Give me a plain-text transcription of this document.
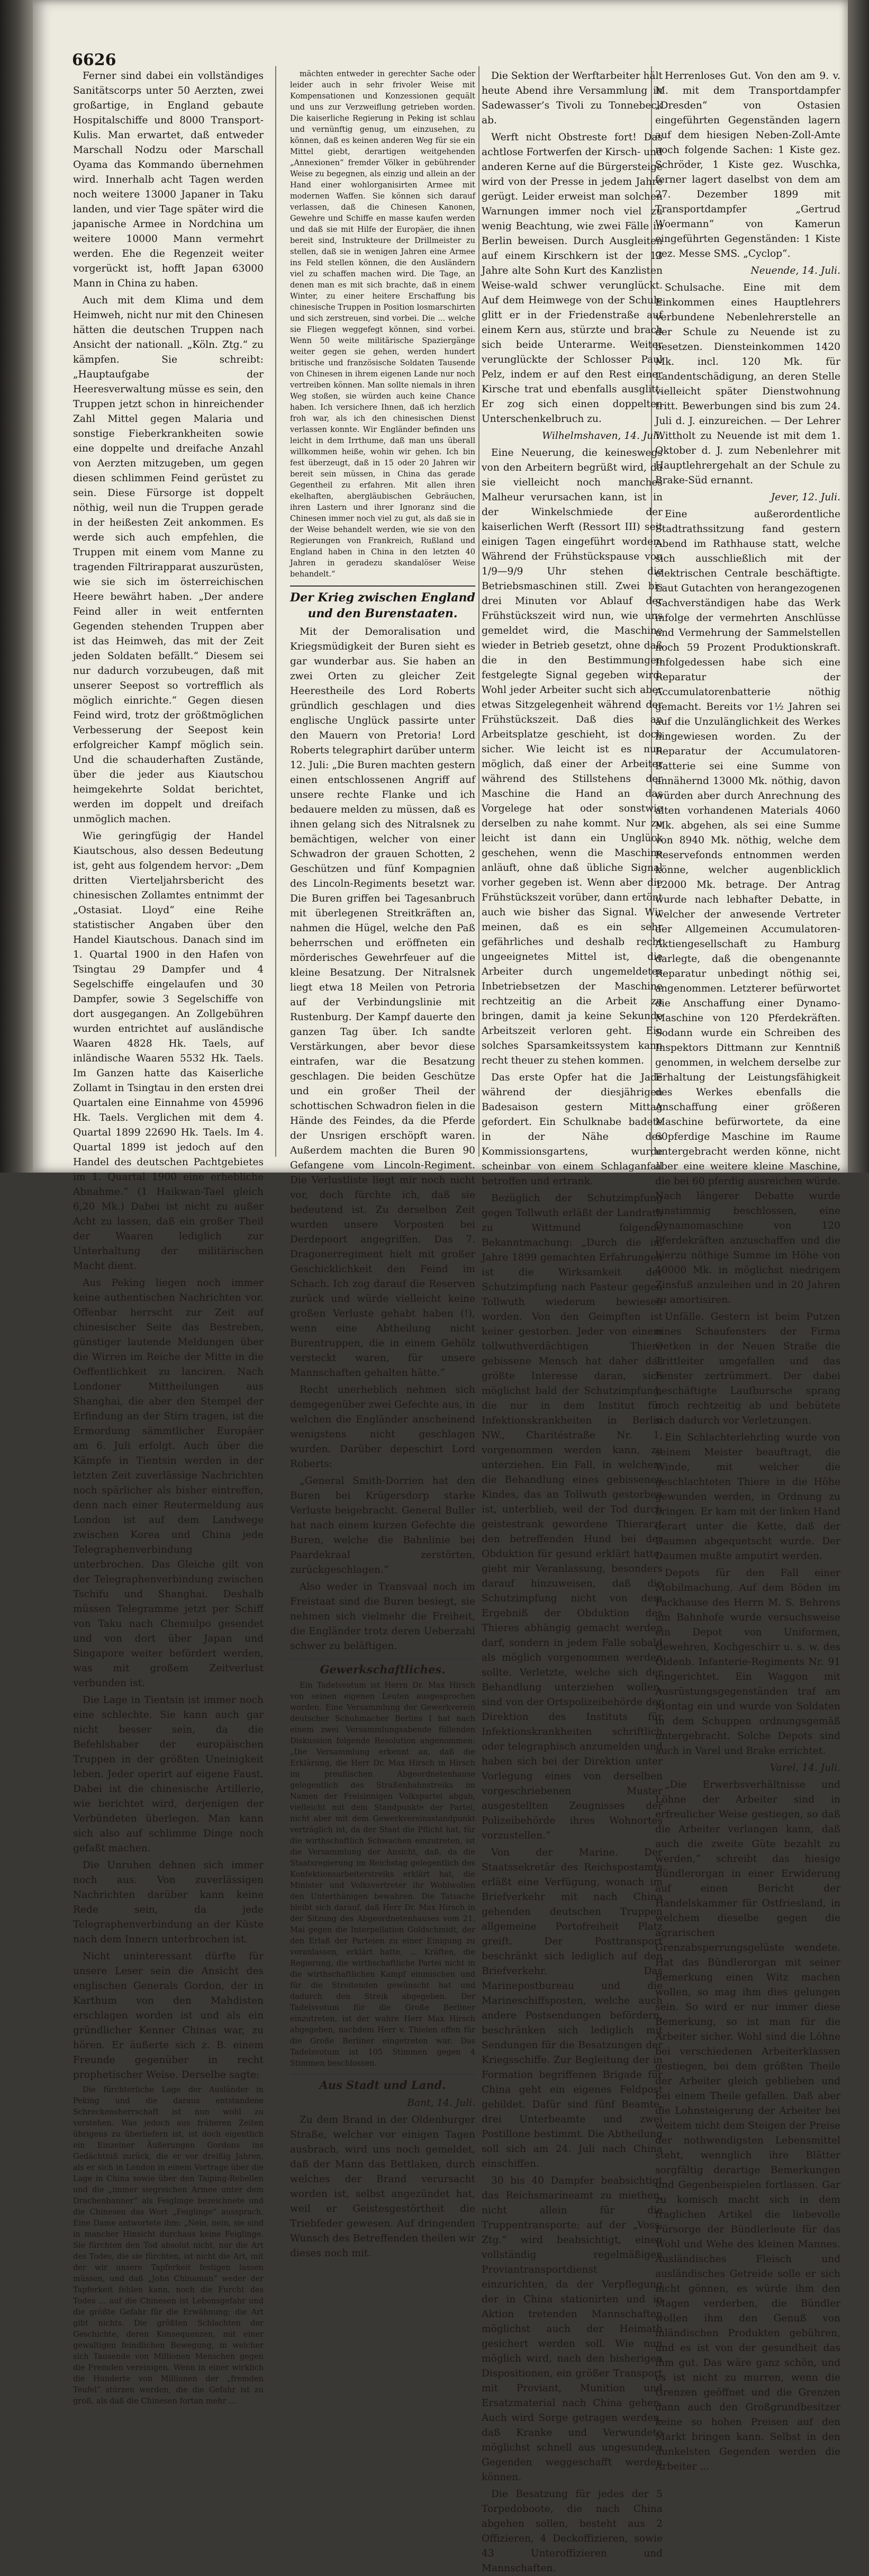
6626

Ferner sind dabei ein vollständiges Sanitätscorps unter 50 Aerzten, zwei großartige, in England gebaute Hospitalschiffe und 8000 Transport-Kulis. Man erwartet, daß entweder Marschall Nodzu oder Marschall Oyama das Kommando übernehmen wird. Innerhalb acht Tagen werden noch weitere 13000 Japaner in Taku landen, und vier Tage später wird die japanische Armee in Nordchina um weitere 10000 Mann vermehrt werden. Ehe die Regenzeit weiter vorgerückt ist, hofft Japan 63000 Mann in China zu haben.

Auch mit dem Klima und dem Heimweh, nicht nur mit den Chinesen hätten die deutschen Truppen nach Ansicht der nationall. „Köln. Ztg.“ zu kämpfen. Sie schreibt: „Hauptaufgabe der Heeresverwaltung müsse es sein, den Truppen jetzt schon in hinreichender Zahl Mittel gegen Malaria und sonstige Fieberkrankheiten sowie eine doppelte und dreifache Anzahl von Aerzten mitzugeben, um gegen diesen schlimmen Feind gerüstet zu sein. Diese Fürsorge ist doppelt nöthig, weil nun die Truppen gerade in der heißesten Zeit ankommen. Es werde sich auch empfehlen, die Truppen mit einem vom Manne zu tragenden Filtrirapparat auszurüsten, wie sie sich im österreichischen Heere bewährt haben. „Der andere Feind aller in weit entfernten Gegenden stehenden Truppen aber ist das Heimweh, das mit der Zeit jeden Soldaten befällt.“ Diesem sei nur dadurch vorzubeugen, daß mit unserer Seepost so vortrefflich als möglich einrichte.“ Gegen diesen Feind wird, trotz der größtmöglichen Verbesserung der Seepost kein erfolgreicher Kampf möglich sein. Und die schauderhaften Zustände, über die jeder aus Kiautschou heimgekehrte Soldat berichtet, werden im doppelt und dreifach unmöglich machen.

Wie geringfügig der Handel Kiautschous, also dessen Bedeutung ist, geht aus folgendem hervor: „Dem dritten Vierteljahrsbericht des chinesischen Zollamtes entnimmt der „Ostasiat. Lloyd“ eine Reihe statistischer Angaben über den Handel Kiautschous. Danach sind im 1. Quartal 1900 in den Hafen von Tsingtau 29 Dampfer und 4 Segelschiffe eingelaufen und 30 Dampfer, sowie 3 Segelschiffe von dort ausgegangen. An Zollgebühren wurden entrichtet auf ausländische Waaren 4828 Hk. Taels, auf inländische Waaren 5532 Hk. Taels. Im Ganzen hatte das Kaiserliche Zollamt in Tsingtau in den ersten drei Quartalen eine Einnahme von 45996 Hk. Taels. Verglichen mit dem 4. Quartal 1899 22690 Hk. Taels. Im 4. Quartal 1899 ist jedoch auf den Handel des deutschen Pachtgebietes im 1. Quartal 1900 eine erhebliche Abnahme.“ (1 Haikwan-Tael gleich 6,20 Mk.) Dabei ist nicht zu außer Acht zu lassen, daß ein großer Theil der Waaren lediglich zur Unterhaltung der militärischen Macht dient.

Aus Peking liegen noch immer keine authentischen Nachrichten vor. Offenbar herrscht zur Zeit auf chinesischer Seite das Bestreben, günstiger lautende Meldungen über die Wirren im Reiche der Mitte in die Oeffentlichkeit zu lanciren. Nach Londoner Mittheilungen aus Shanghai, die aber den Stempel der Erfindung an der Stirn tragen, ist die Ermordung sämmtlicher Europäer am 6. Juli erfolgt. Auch über die Kämpfe in Tientsin werden in der letzten Zeit zuverlässige Nachrichten noch spärlicher als bisher eintreffen, denn nach einer Reutermeldung aus London ist auf dem Landwege zwischen Korea und China jede Telegraphenverbindung unterbrochen. Das Gleiche gilt von der Telegraphenverbindung zwischen Tschifu und Shanghai. Deshalb müssen Telegramme jetzt per Schiff von Taku nach Chemulpo gesendet und von dort über Japan und Singapore weiter befördert werden, was mit großem Zeitverlust verbunden ist.

Die Lage in Tientsin ist immer noch eine schlechte. Sie kann auch gar nicht besser sein, da die Befehlshaber der europäischen Truppen in der größten Uneinigkeit leben. Jeder operirt auf eigene Faust. Dabei ist die chinesische Artillerie, wie berichtet wird, derjenigen der Verbündeten überlegen. Man kann sich also auf schlimme Dinge noch gefaßt machen.

Die Unruhen dehnen sich immer noch aus. Von zuverlässigen Nachrichten darüber kann keine Rede sein, da jede Telegraphenverbindung an der Küste nach dem Innern unterbrochen ist.

Nicht uninteressant dürfte für unsere Leser sein die Ansicht des englischen Generals Gordon, der in Karthum von den Mahdisten erschlagen worden ist und als ein gründlicher Kenner Chinas war, zu hören. Er äußerte sich z. B. einem Freunde gegenüber in recht prophetischer Weise. Derselbe sagte:

Die fürchterliche Lage der Ausländer in Peking und die daraus entstandene Schreckensherrschaft ist nun wohl zu verstehen. Was jedoch aus früheren Zeiten übrigens zu überliefern ist, ist doch eigentlich ein Einzelner Äußerungen Gordons ins Gedächtniß zurück, die er vor dreißig Jahren, als er sich in London in einem Vortrage über die Lage in China sowie über den Taiping-Rebellen und die „immer siegreichen Armee unter dem Drachenbanner“ als Feiglinge bezeichnete und die Chinesen das Wort „Feiglinge“ aussprach. Eine Dame antwortete ihm: „Nein, nein, sie sind in mancher Hinsicht durchaus keine Feiglinge. Sie fürchten den Tod absolut nicht, nur die Art des Todes, die sie fürchten, ist nicht die Art, mit der wir unsere Tapferkeit festigen lassen müssen, und daß „John Chinaman“ weder der Tapferkeit fehlen kann, noch die Furcht des Todes ... auf die Chinesen ist Lebensgefahr und die größte Gefahr für die Erwähnung; die Art gibt nichts. Die größten Schlachten der Geschichte, deren Konsequenzen, mit einer gewaltigen feindlichen Bewegung, in welcher sich Tausende von Millionen Menschen gegen die Fremden vereinigen. Wenn in einer wirklich die Hunderte von Millionen der „fremden Teufel“ stürzen werden, die die Gefahr ist zu groß, als daß die Chinesen fortan mehr ...

mächten entweder in gerechter Sache oder leider auch in sehr frivoler Weise mit Kompensationen und Konzessionen gequält und uns zur Verzweiflung getrieben worden. Die kaiserliche Regierung in Peking ist schlau und vernünftig genug, um einzusehen, zu können, daß es keinen anderen Weg für sie ein Mittel giebt, derartigen weitgehenden „Annexionen“ fremder Völker in gebührender Weise zu begegnen, als einzig und allein an der Hand einer wohlorganisirten Armee mit modernen Waffen. Sie können sich darauf verlassen, daß die Chinesen Kanonen, Gewehre und Schiffe en masse kaufen werden und daß sie mit Hilfe der Europäer, die ihnen bereit sind, Instrukteure der Drillmeister zu stellen, daß sie in wenigen Jahren eine Armee ins Feld stellen können, die den Ausländern viel zu schaffen machen wird. Die Tage, an denen man es mit sich brachte, daß in einem Winter, zu einer heitere Erschaffung bis chinesische Truppen in Position losmarschirten und sich zerstreuen, sind vorbei. Die ... welche sie Fliegen weggefegt können, sind vorbei. Wenn 50 weite militärische Spaziergänge weiter gegen sie gehen, werden hundert britische und französische Soldaten Tausende von Chinesen in ihrem eigenen Lande nur noch vertreiben können. Man sollte niemals in ihren Weg stoßen, sie würden auch keine Chance haben. Ich versichere Ihnen, daß ich herzlich froh war, als ich den chinesischen Dienst verlassen konnte. Wir Engländer befinden uns leicht in dem Irrthume, daß man uns überall willkommen heiße, wohin wir gehen. Ich bin fest überzeugt, daß in 15 oder 20 Jahren wir bereit sein müssen, in China das gerade Gegentheil zu erfahren. Mit allen ihren ekelhaften, abergläubischen Gebräuchen, ihren Lastern und ihrer Ignoranz sind die Chinesen immer noch viel zu gut, als daß sie in der Weise behandelt werden, wie sie von den Regierungen von Frankreich, Rußland und England haben in China in den letzten 40 Jahren in geradezu skandalöser Weise behandelt.“

Der Krieg zwischen England und den Burenstaaten.

Mit der Demoralisation und Kriegsmüdigkeit der Buren sieht es gar wunderbar aus. Sie haben an zwei Orten zu gleicher Zeit Heerestheile des Lord Roberts gründlich geschlagen und dies englische Unglück passirte unter den Mauern von Pretoria! Lord Roberts telegraphirt darüber unterm 12. Juli: „Die Buren machten gestern einen entschlossenen Angriff auf unsere rechte Flanke und ich bedauere melden zu müssen, daß es ihnen gelang sich des Nitralsnek zu bemächtigen, welcher von einer Schwadron der grauen Schotten, 2 Geschützen und fünf Kompagnien des Lincoln-Regiments besetzt war. Die Buren griffen bei Tagesanbruch mit überlegenen Streitkräften an, nahmen die Hügel, welche den Paß beherrschen und eröffneten ein mörderisches Gewehrfeuer auf die kleine Besatzung. Der Nitralsnek liegt etwa 18 Meilen von Petroria auf der Verbindungslinie mit Rustenburg. Der Kampf dauerte den ganzen Tag über. Ich sandte Verstärkungen, aber bevor diese eintrafen, war die Besatzung geschlagen. Die beiden Geschütze und ein großer Theil der schottischen Schwadron fielen in die Hände des Feindes, da die Pferde der Unsrigen erschöpft waren. Außerdem machten die Buren 90 Gefangene vom Lincoln-Regiment. Die Verlustliste liegt mir noch nicht vor, doch fürchte ich, daß sie bedeutend ist. Zu derselben Zeit wurden unsere Vorposten bei Derdepoort angegriffen. Das 7. Dragonerregiment hielt mit großer Geschicklichkeit den Feind im Schach. Ich zog darauf die Reserven zurück und würde vielleicht keine großen Verluste gehabt haben (!), wenn eine Abtheilung nicht Burentruppen, die in einem Gehölz versteckt waren, für unsere Mannschaften gehalten hätte.“

Recht unerheblich nehmen sich demgegenüber zwei Gefechte aus, in welchen die Engländer anscheinend wenigstens nicht geschlagen wurden. Darüber depeschirt Lord Roberts:

„General Smith-Dorrien hat den Buren bei Krügersdorp starke Verluste beigebracht. General Buller hat nach einem kurzen Gefechte die Buren, welche die Bahnlinie bei Paardekraal zerstörten, zurückgeschlagen.“

Also weder in Transvaal noch im Freistaat sind die Buren besiegt, sie nehmen sich vielmehr die Freiheit, die Engländer trotz deren Ueberzahl schwer zu beläftigen.

Gewerkschaftliches.

Ein Tadelsvotum ist Herrn Dr. Max Hirsch von seinen eigenen Leuten ausgesprochen worden. Eine Versammlung der Gewerkverein deutscher Schuhmacher Berlins I hat nach einem zwei Versammlungsabende füllenden Diskussion folgende Resolution angenommen: „Die Versammlung erkennt an, daß die Erklärung, die Herr Dr. Max Hirsch in Hirsch im preußischen Abgeordnetenhause gelegentlich des Straßenbahnstreiks im Namen der Freisinnigen Volkspartei abgab, vielleicht mit dem Standpunkte der Partei, nicht aber mit dem Gewerkvereinsstandpunkt verträglich ist, da der Staat die Pflicht hat, für die wirthschaftlich Schwachen einzutreten, ist die Versammlung der Ansicht, daß, da die Staatsregierung im Reichstag gelegentlich des Konfektionsarbeiterstreiks erklärt hat, die Minister und Volksvertreter ihr Wohlwollen den Unterthänigen bewahren. Die Tatsache bleibt sich darauf, daß Herr Dr. Max Hirsch in der Sitzung des Abgeordnetenhauses vom 21. Mai gegen die Interpellation Goldschmidt, der den Erlaß der Parteien zu einer Einigung zu veranlassen, erklärt hatte, ... Kräften, die Regierung, die wirthschaftliche Partei nicht in die wirthschaftlichen Kampf einmischen und für die Streitenden gewünscht hat und dadurch den Streik abgegeben. Der Tadelsvotum für die Große Berliner einzutreten, ist der wahre Herr Max Hirsch abgegeben, nachdem Herr v. Thielen offen für die Große Berliner eingetreten war. Das Tadelsvotum ist 105 Stimmen gegen 4 Stimmen beschlossen.

Aus Stadt und Land.

Bant, 14. Juli.

Zu dem Brand in der Oldenburger Straße, welcher vor einigen Tagen ausbrach, wird uns noch gemeldet, daß der Mann das Bettlaken, durch welches der Brand verursacht worden ist, selbst angezündet hat, weil er Geistesgestörtheit die Triebfeder gewesen. Auf dringenden Wunsch des Betreffenden theilen wir dieses noch mit.

Die Sektion der Werftarbeiter hält heute Abend ihre Versammlung in Sadewasser’s Tivoli zu Tonnebeck ab.

Werft nicht Obstreste fort! Das achtlose Fortwerfen der Kirsch- und anderen Kerne auf die Bürgersteige wird von der Presse in jedem Jahre gerügt. Leider erweist man solchen Warnungen immer noch viel zu wenig Beachtung, wie zwei Fälle in Berlin beweisen. Durch Ausgleiten auf einem Kirschkern ist der 13 Jahre alte Sohn Kurt des Kanzlisten Weise-wald schwer verunglückt. Auf dem Heimwege von der Schule glitt er in der Friedenstraße auf einem Kern aus, stürzte und brach sich beide Unterarme. Weiter verunglückte der Schlosser Paul Pelz, indem er auf den Rest einer Kirsche trat und ebenfalls ausglitt. Er zog sich einen doppelten Unterschenkelbruch zu.

Wilhelmshaven, 14. Juli.

Eine Neuerung, die keineswegs von den Arbeitern begrüßt wird, da sie vielleicht noch manches Malheur verursachen kann, ist in der Winkelschmiede der kaiserlichen Werft (Ressort III) seit einigen Tagen eingeführt worden. Während der Frühstückspause von 1/9—9/9 Uhr stehen die Betriebsmaschinen still. Zwei bis drei Minuten vor Ablauf der Frühstückszeit wird nun, wie uns gemeldet wird, die Maschine wieder in Betrieb gesetzt, ohne daß die in den Bestimmungen festgelegte Signal gegeben wird. Wohl jeder Arbeiter sucht sich aber etwas Sitzgelegenheit während der Frühstückszeit. Daß dies an Arbeitsplatze geschieht, ist doch sicher. Wie leicht ist es nun möglich, daß einer der Arbeiter während des Stillstehens der Maschine die Hand an das Vorgelege hat oder sonstwie derselben zu nahe kommt. Nur zu leicht ist dann ein Unglück geschehen, wenn die Maschine anläuft, ohne daß übliche Signal vorher gegeben ist. Wenn aber die Frühstückszeit vorüber, dann ertönt auch wie bisher das Signal. Wir meinen, daß es ein sehr gefährliches und deshalb recht ungeeignetes Mittel ist, die Arbeiter durch ungemeldetes Inbetriebsetzen der Maschine rechtzeitig an die Arbeit zu bringen, damit ja keine Sekunde Arbeitszeit verloren geht. Ein solches Sparsamkeitssystem kann recht theuer zu stehen kommen.

Das erste Opfer hat die Jade während der diesjährigen Badesaison gestern Mittag gefordert. Ein Schulknabe badete in der Nähe des Kommissionsgartens, wurde scheinbar von einem Schlaganfall betroffen und ertrank.

Bezüglich der Schutzimpfung gegen Tollwuth erläßt der Landrath zu Wittmund folgende Bekanntmachung: „Durch die im Jahre 1899 gemachten Erfahrungen ist die Wirksamkeit der Schutzimpfung nach Pasteur gegen Tollwuth wiederum bewiesen worden. Von den Geimpften ist keiner gestorben. Jeder von einem tollwuthverdächtigen Thiere gebissene Mensch hat daher das größte Interesse daran, sich möglichst bald der Schutzimpfung, die nur in dem Institut für Infektionskrankheiten in Berlin NW., Charitéstraße Nr. 1, vorgenommen werden kann, zu unterziehen. Ein Fall, in welchem die Behandlung eines gebissenen Kindes, das an Tollwuth gestorben ist, unterblieb, weil der Tod durch geistestrank gewordene Thierarzt den betreffenden Hund bei der Obduktion für gesund erklärt hatte, giebt mir Veranlassung, besonders darauf hinzuweisen, daß die Schutzimpfung nicht von dem Ergebniß der Obduktion des Thieres abhängig gemacht werden darf, sondern in jedem Falle sobald als möglich vorgenommen werden sollte. Verletzte, welche sich der Behandlung unterziehen wollen, sind von der Ortspolizeibehörde der Direktion des Instituts für Infektionskrankheiten schriftlich oder telegraphisch anzumelden und haben sich bei der Direktion unter Vorlegung eines von derselben vorgeschriebenen Muster ausgestellten Zeugnisses der Polizeibehörde ihres Wohnortes vorzustellen.“

Von der Marine. Der Staatssekretär des Reichspostamts erläßt eine Verfügung, wonach im Briefverkehr mit nach China gehenden deutschen Truppen allgemeine Portofreiheit Platz greift. Der Posttransport beschränkt sich lediglich auf den Briefverkehr. Das Marinepostbureau und die Marineschiffsposten, welche auch andere Postsendungen befördern, beschränken sich lediglich mit Sendungen für die Besatzungen der Kriegsschiffe. Zur Begleitung der in Formation begriffenen Brigade für China geht ein eigenes Feldpost gebildet. Dafür sind fünf Beamte, drei Unterbeamte und zwei Postillone bestimmt. Die Abtheilung soll sich am 24. Juli nach China einschiffen.

30 bis 40 Dampfer beabsichtigt das Reichsmarineamt zu miethen, nicht allein für die Truppentransporte; auf der „Voss. Ztg.“ wird beabsichtigt, einen vollständig regelmäßigen Proviantransportdienst einzurichten, da der Verpflegung der in China stationirten und in Aktion tretenden Mannschaften möglichst auch der Heimath gesichert werden soll. Wie nun möglich wird, nach den bisherigen Dispositionen, ein größer Transport mit Proviant, Munition und Ersatzmaterial nach China gehen. Auch wird Sorge getragen werden, daß Kranke und Verwundete möglichst schnell aus ungesunden Gegenden weggeschafft werden können.

Die Besatzung für jedes der 5 Torpedoboote, die nach China abgehen sollen, besteht aus 2 Offizieren, 4 Deckoffizieren, sowie 43 Unteroffizieren und Mannschaften.

Herrenloses Gut. Von den am 9. v. M. mit dem Transportdampfer „Dresden“ von Ostasien eingeführten Gegenständen lagern auf dem hiesigen Neben-Zoll-Amte noch folgende Sachen: 1 Kiste gez. Schröder, 1 Kiste gez. Wuschka, ferner lagert daselbst von dem am 27. Dezember 1899 mit Transportdampfer „Gertrud Woermann“ von Kamerun eingeführten Gegenständen: 1 Kiste gez. Messe SMS. „Cyclop“.

Neuende, 14. Juli.

Schulsache. Eine mit dem Einkommen eines Hauptlehrers verbundene Nebenlehrerstelle an der Schule zu Neuende ist zu besetzen. Diensteinkommen 1420 Mk. incl. 120 Mk. für Landentschädigung, an deren Stelle vielleicht später Dienstwohnung tritt. Bewerbungen sind bis zum 24. Juli d. J. einzureichen. — Der Lehrer Wittholt zu Neuende ist mit dem 1. Oktober d. J. zum Nebenlehrer mit Hauptlehrergehalt an der Schule zu Brake-Süd ernannt.

Jever, 12. Juli.

Eine außerordentliche Stadtrathssitzung fand gestern Abend im Rathhause statt, welche sich ausschließlich mit der elektrischen Centrale beschäftigte. Laut Gutachten von herangezogenen Sachverständigen habe das Werk infolge der vermehrten Anschlüsse und Vermehrung der Sammelstellen noch 59 Prozent Produktionskraft. Infolgedessen habe sich eine Reparatur der Accumulatorenbatterie nöthig gemacht. Bereits vor 1½ Jahren sei auf die Unzulänglichkeit des Werkes hingewiesen worden. Zu der Reparatur der Accumulatoren-Batterie sei eine Summe von annähernd 13000 Mk. nöthig, davon würden aber durch Anrechnung des alten vorhandenen Materials 4060 Mk. abgehen, als sei eine Summe von 8940 Mk. nöthig, welche dem Reservefonds entnommen werden könne, welcher augenblicklich 12000 Mk. betrage. Der Antrag wurde nach lebhafter Debatte, in welcher der anwesende Vertreter der Allgemeinen Accumulatoren-Aktiengesellschaft zu Hamburg darlegte, daß die obengenannte Reparatur unbedingt nöthig sei, angenommen. Letzterer befürwortet die Anschaffung einer Dynamo-Maschine von 120 Pferdekräften. Sodann wurde ein Schreiben des Inspektors Dittmann zur Kenntniß genommen, in welchem derselbe zur Erhaltung der Leistungsfähigkeit des Werkes ebenfalls die Anschaffung einer größeren Maschine befürwortete, da eine 60pferdige Maschine im Raume untergebracht werden könne, nicht aber eine weitere kleine Maschine, die bei 60 pferdig ausreichen würde. Nach längerer Debatte wurde einstimmig beschlossen, eine Dynamomaschine von 120 Pferdekräften anzuschaffen und die hierzu nöthige Summe im Höhe von 40000 Mk. in möglichst niedrigem Zinsfuß anzuleihen und in 20 Jahren zu amortisiren.

Unfälle. Gestern ist beim Putzen eines Schaufensters der Firma Oetken in der Neuen Straße die Trittleiter umgefallen und das Fenster zertrümmert. Der dabei beschäftigte Laufbursche sprang noch rechtzeitig ab und behütete sich dadurch vor Verletzungen.

Ein Schlachterlehrling wurde von seinem Meister beauftragt, die Winde, mit welcher die geschlachteten Thiere in die Höhe gewunden werden, in Ordnung zu bringen. Er kam mit der linken Hand derart unter die Kette, daß der Daumen abgequetscht wurde. Der Daumen mußte amputirt werden.

Depots für den Fall einer Mobilmachung. Auf dem Böden im Packhause des Herrn M. S. Behrens am Bahnhofe wurde versuchsweise ein Depot von Uniformen, Gewehren, Kochgeschirr u. s. w. des Oldenb. Infanterie-Regiments Nr. 91 eingerichtet. Ein Waggon mit Ausrüstungsgegenständen traf am Montag ein und wurde von Soldaten in dem Schuppen ordnungsgemäß untergebracht. Solche Depots sind auch in Varel und Brake errichtet.

Varel, 14. Juli.

„Die Erwerbsverhältnisse und Löhne der Arbeiter sind in erfreulicher Weise gestiegen, so daß die Arbeiter verlangen kann, daß auch die zweite Güte bezahlt zu werden,“ schreibt das hiesige Bündlerorgan in einer Erwiderung auf einen Bericht der Handelskammer für Ostfriesland, in welchem dieselbe gegen die agrarischen Grenzabsperrungsgelüste wendete. Hat das Bündlerorgan mit seiner Bemerkung einen Witz machen wollen, so mag ihm dies gelungen sein. So wird er nur immer diese Bemerkung, so ist man für die Arbeiter sicher. Wohl sind die Löhne bei verschiedenen Arbeiterklassen gestiegen, bei dem größten Theile der Arbeiter gleich geblieben und bei einem Theile gefallen. Daß aber die Lohnsteigerung der Arbeiter bei weitem nicht dem Steigen der Preise der nothwendigsten Lebensmittel steht, wennglich ihre Blätter sorgfältig derartige Bemerkungen und Gegenbeispielen fortlassen. Gar zu komisch macht sich in dem fraglichen Artikel die liebevolle Fürsorge der Bündlerleute für das Wohl und Wehe des kleinen Mannes. Ausländisches Fleisch und ausländisches Getreide solle er sich nicht gönnen, es würde ihm den Magen verderben, die Bündler wollen ihm den Genuß von inländischen Produkten gebühren, und es ist von der gesundheit das ihm gut. Das wäre ganz schön, und es ist nicht zu murren, wenn die Grenzen geöffnet und die Grenzen dann auch den Großgrundbesitzer keine so hohen Preisen auf den Markt bringen kann. Selbst in den dunkelsten Gegenden werden die Arbeiter ...
